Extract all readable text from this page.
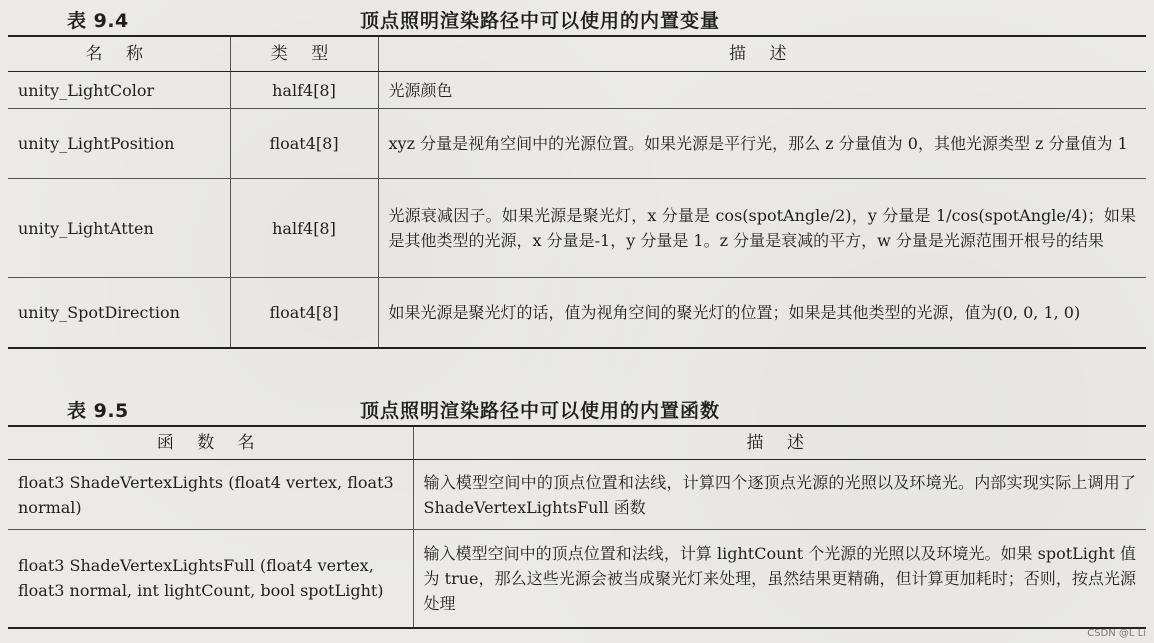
表 9.4	顶点照明渲染路径中可以使用的内置变量
名 称	类 型	描 述
unity_LightColor	half4[8]	光源颜色
unity_LightPosition	float4[8]	xyz 分量是视角空间中的光源位置。如果光源是平行光，那么 z 分量值为 0，其他光源类型 z 分量值为 1
unity_LightAtten	half4[8]	光源衰减因子。如果光源是聚光灯，x 分量是 cos(spotAngle/2)，y 分量是 1/cos(spotAngle/4)；如果是其他类型的光源，x 分量是-1，y 分量是 1。z 分量是衰减的平方，w 分量是光源范围开根号的结果
unity_SpotDirection	float4[8]	如果光源是聚光灯的话，值为视角空间的聚光灯的位置；如果是其他类型的光源，值为(0, 0, 1, 0)
表 9.5	顶点照明渲染路径中可以使用的内置函数
函 数 名	描 述
float3 ShadeVertexLights (float4 vertex, float3 normal)	输入模型空间中的顶点位置和法线，计算四个逐顶点光源的光照以及环境光。内部实现实际上调用了 ShadeVertexLightsFull 函数
float3 ShadeVertexLightsFull (float4 vertex, float3 normal, int lightCount, bool spotLight)	输入模型空间中的顶点位置和法线，计算 lightCount 个光源的光照以及环境光。如果 spotLight 值为 true，那么这些光源会被当成聚光灯来处理，虽然结果更精确，但计算更加耗时；否则，按点光源处理
CSDN @L Li
